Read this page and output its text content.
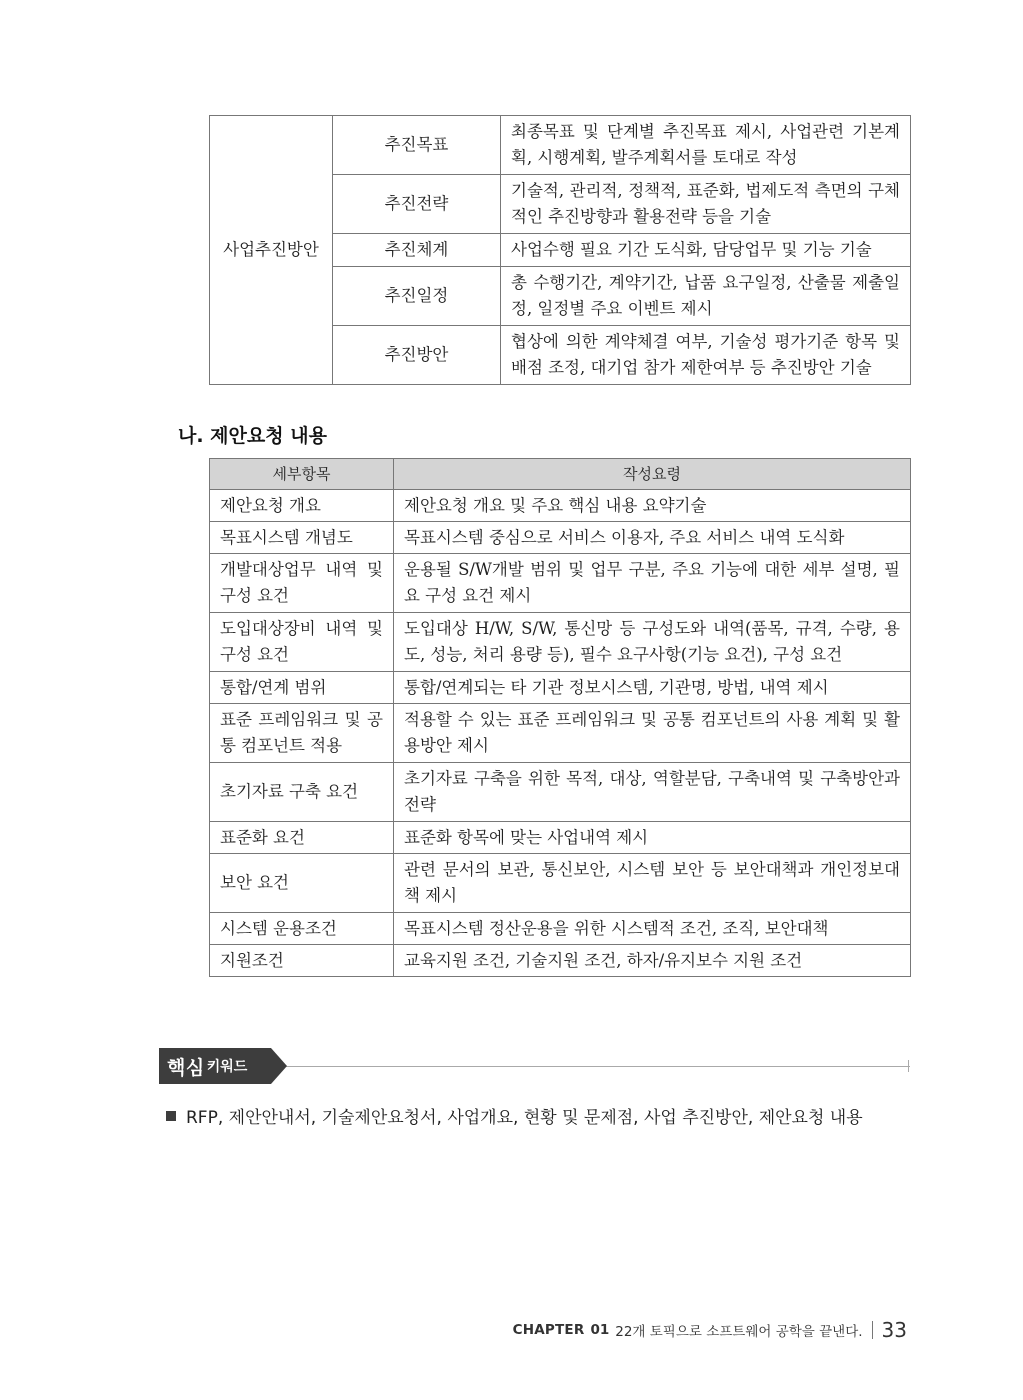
사업추진방안	추진목표	최종목표 및 단계별 추진목표 제시, 사업관련 기본계획, 시행계획, 발주계획서를 토대로 작성
	추진전략	기술적, 관리적, 정책적, 표준화, 법제도적 측면의 구체적인 추진방향과 활용전략 등을 기술
	추진체계	사업수행 필요 기간 도식화, 담당업무 및 기능 기술
	추진일정	총 수행기간, 계약기간, 납품 요구일정, 산출물 제출일정, 일정별 주요 이벤트 제시
	추진방안	협상에 의한 계약체결 여부, 기술성 평가기준 항목 및 배점 조정, 대기업 참가 제한여부 등 추진방안 기술
나. 제안요청 내용
세부항목	작성요령
제안요청 개요	제안요청 개요 및 주요 핵심 내용 요약기술
목표시스템 개념도	목표시스템 중심으로 서비스 이용자, 주요 서비스 내역 도식화
개발대상업무 내역 및 구성 요건	운용될 S/W개발 범위 및 업무 구분, 주요 기능에 대한 세부 설명, 필요 구성 요건 제시
도입대상장비 내역 및 구성 요건	도입대상 H/W, S/W, 통신망 등 구성도와 내역(품목, 규격, 수량, 용도, 성능, 처리 용량 등), 필수 요구사항(기능 요건), 구성 요건
통합/연계 범위	통합/연계되는 타 기관 정보시스템, 기관명, 방법, 내역 제시
표준 프레임워크 및 공통 컴포넌트 적용	적용할 수 있는 표준 프레임워크 및 공통 컴포넌트의 사용 계획 및 활용방안 제시
초기자료 구축 요건	초기자료 구축을 위한 목적, 대상, 역할분담, 구축내역 및 구축방안과 전략
표준화 요건	표준화 항목에 맞는 사업내역 제시
보안 요건	관련 문서의 보관, 통신보안, 시스템 보안 등 보안대책과 개인정보대책 제시
시스템 운용조건	목표시스템 정산운용을 위한 시스템적 조건, 조직, 보안대책
지원조건	교육지원 조건, 기술지원 조건, 하자/유지보수 지원 조건
핵심 키워드
RFP, 제안안내서, 기술제안요청서, 사업개요, 현황 및 문제점, 사업 추진방안, 제안요청 내용
CHAPTER 01 22개 토픽으로 소프트웨어 공학을 끝낸다. 33
